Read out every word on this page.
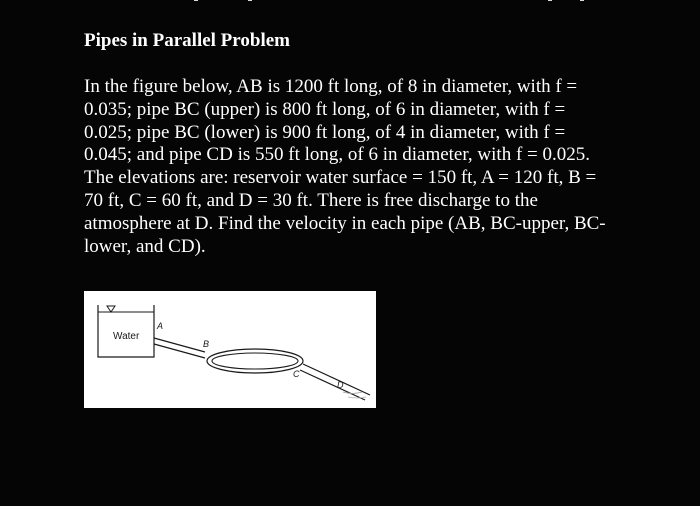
Pipes in Parallel Problem
In the figure below, AB is 1200 ft long, of 8 in diameter, with f =
0.035; pipe BC (upper) is 800 ft long, of 6 in diameter, with f =
0.025; pipe BC (lower) is 900 ft long, of 4 in diameter, with f =
0.045; and pipe CD is 550 ft long, of 6 in diameter, with f = 0.025.
The elevations are: reservoir water surface = 150 ft, A = 120 ft, B =
70 ft, C = 60 ft, and D = 30 ft. There is free discharge to the
atmosphere at D. Find the velocity in each pipe (AB, BC-upper, BC-
lower, and CD).
Water
A
B
C
D
